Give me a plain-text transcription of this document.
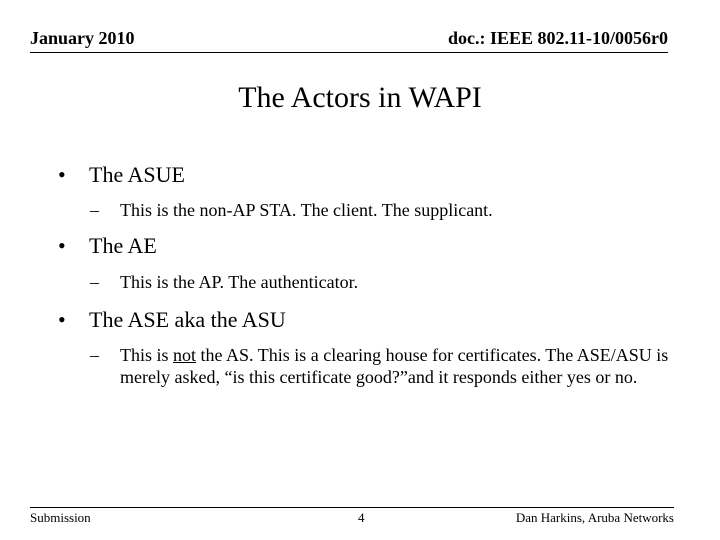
January 2010	doc.: IEEE 802.11-10/0056r0
The Actors in WAPI
• The ASUE
– This is the non-AP STA. The client. The supplicant.
• The AE
– This is the AP. The authenticator.
• The ASE aka the ASU
– This is not the AS. This is a clearing house for certificates. The ASE/ASU is merely asked, “is this certificate good?”and it responds either yes or no.
Submission	4	Dan Harkins, Aruba Networks
